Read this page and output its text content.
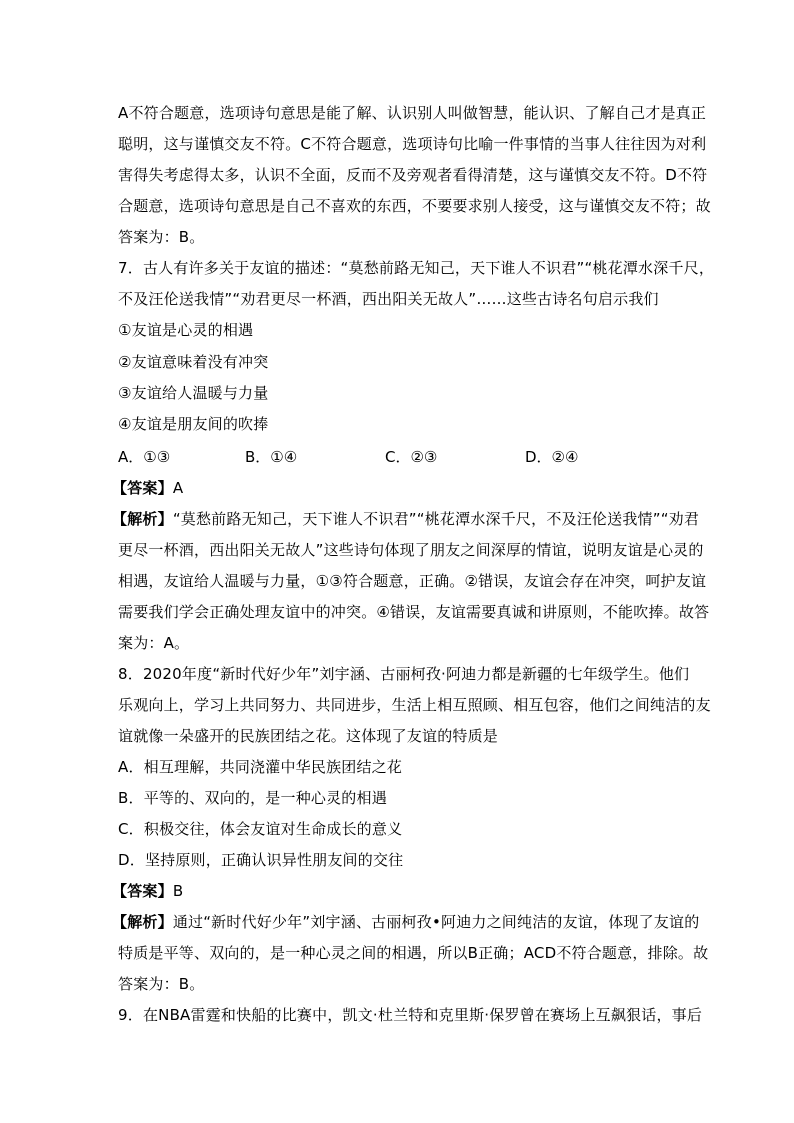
A不符合题意，选项诗句意思是能了解、认识别人叫做智慧，能认识、了解自己才是真正
聪明，这与谨慎交友不符。C不符合题意，选项诗句比喻一件事情的当事人往往因为对利
害得失考虑得太多，认识不全面，反而不及旁观者看得清楚，这与谨慎交友不符。D不符
合题意，选项诗句意思是自己不喜欢的东西，不要要求别人接受，这与谨慎交友不符；故
答案为：B。
7．古人有许多关于友谊的描述：“莫愁前路无知己，天下谁人不识君”“桃花潭水深千尺，
不及汪伦送我情”“劝君更尽一杯酒，西出阳关无故人”……这些古诗名句启示我们
①友谊是心灵的相遇
②友谊意味着没有冲突
③友谊给人温暖与力量
④友谊是朋友间的吹捧
A．①③	B．①④	C．②③	D．②④
【答案】A
【解析】“莫愁前路无知己，天下谁人不识君”“桃花潭水深千尺，不及汪伦送我情”“劝君
更尽一杯酒，西出阳关无故人”这些诗句体现了朋友之间深厚的情谊，说明友谊是心灵的
相遇，友谊给人温暖与力量，①③符合题意，正确。②错误，友谊会存在冲突，呵护友谊
需要我们学会正确处理友谊中的冲突。④错误，友谊需要真诚和讲原则，不能吹捧。故答
案为：A。
8．2020年度“新时代好少年”刘宇涵、古丽柯孜·阿迪力都是新疆的七年级学生。他们
乐观向上，学习上共同努力、共同进步，生活上相互照顾、相互包容，他们之间纯洁的友
谊就像一朵盛开的民族团结之花。这体现了友谊的特质是
A．相互理解，共同浇灌中华民族团结之花
B．平等的、双向的，是一种心灵的相遇
C．积极交往，体会友谊对生命成长的意义
D．坚持原则，正确认识异性朋友间的交往
【答案】B
【解析】通过“新时代好少年”刘宇涵、古丽柯孜•阿迪力之间纯洁的友谊，体现了友谊的
特质是平等、双向的，是一种心灵之间的相遇，所以B正确；ACD不符合题意，排除。故
答案为：B。
9．在NBA雷霆和快船的比赛中，凯文·杜兰特和克里斯·保罗曾在赛场上互飙狠话，事后
